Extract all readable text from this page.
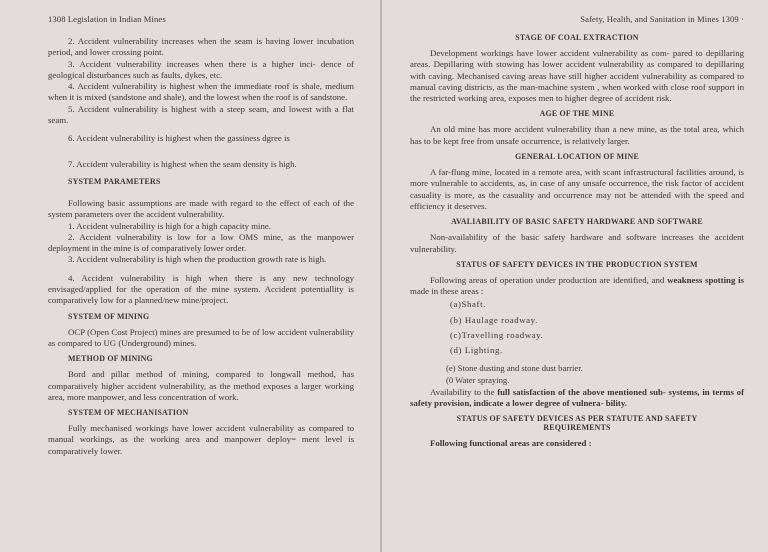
1308 Legislation in Indian Mines

2. Accident vulnerability increases when the seam is having lower incubation period, and lower crossing point.

3. Accident vulnerability increases when there is a higher inci- dence of geological disturbances such as faults, dykes, etc.

4. Accident vulnerability is highest when the immediate roof is shale, medium when it is mixed (sandstone and shale), and the lowest when the roof is of sandstone.

5. Accident vulnerability is highest with a steep seam, and lowest with a flat seam.

6. Accident vulnerability is highest when the gassiness dgree is

7. Accident vulerability is highest when the seam density is high.

SYSTEM PARAMETERS

Following basic assumptions are made with regard to the effect of each of the system parameters over the accident vulnerability.

1. Accident vulnerability is high for a high capacity mine.

2. Accident vulnerability is low for a low OMS mine, as the manpower deployment in the mine is of comparatively lower order.

3. Accident vulnerability is high when the production growth rate is high.

4. Accident vulnerability is high when there is any new technology envisaged/applied for the operation of the mine system. Accident potentiallity is comparatively low for a planned/new mine/project.

SYSTEM OF MINING

OCP (Open Cost Project) mines are presumed to be of low accident vulnerability as compared to UG (Underground) mines.

METHOD OF MINING

Bord and pillar method of mining, compared to longwall method, has comparatively higher accident vulnerability, as the method exposes a larger working area, more manpower, and less concentration of work.

SYSTEM OF MECHANISATION

Fully mechanised workings have lower accident vulnerability as compared to manual workings, as the working area and manpower deploy= ment level is comparatively lower.

Safety, Health, and Sanitation in Mines 1309 ·
STAGE OF COAL EXTRACTION

Development workings have lower accident vulnerability as com- pared to depillaring areas. Depillaring with stowing has lower accident vulnerability as compared to depillaring with caving. Mechanised caving areas have still higher accident vulnerability as compared to manual caving districts, as the man-machine system , when worked with close roof support in the restricted working area, exposes men to higher degree of accident risk.

AGE OF THE MINE

An old mine has more accident vulnerability than a new mine, as the total area, which has to be kept free from unsafe occurrence, is relatively larger.

GENERAL LOCATION OF MINE

A far-flung mine, located in a remote area, with scant infrastructural facilities around, is more vulnerable to accidents, as, in case of any unsafe occurrence, the risk factor of accident casuality is more, as the casuality and occurrence may not be attended with the speed and efficiency it deserves.

AVALIABILITY OF BASIC SAFETY HARDWARE AND SOFTWARE

Non-availability of the basic safety hardware and software increases the accident vulnerability.

STATUS OF SAFETY DEVICES IN THE PRODUCTION SYSTEM

Following areas of operation under production are identified, and weakness spotting is made in these areas :

(a)Shaft.
(b) Haulage roadway.
(c)Travelling roadway.
(d) Lighting.
(e) Stone dusting and stone dust barrier.
(0 Water spraying.

Availability to the full satisfaction of the above mentioned sub- systems, in terms of safety provision, indicate a lower degree of vulnera- bility.

STATUS OF SAFETY DEVICES AS PER STATUTE AND SAFETY REQUIREMENTS

Following functional areas are considered :
